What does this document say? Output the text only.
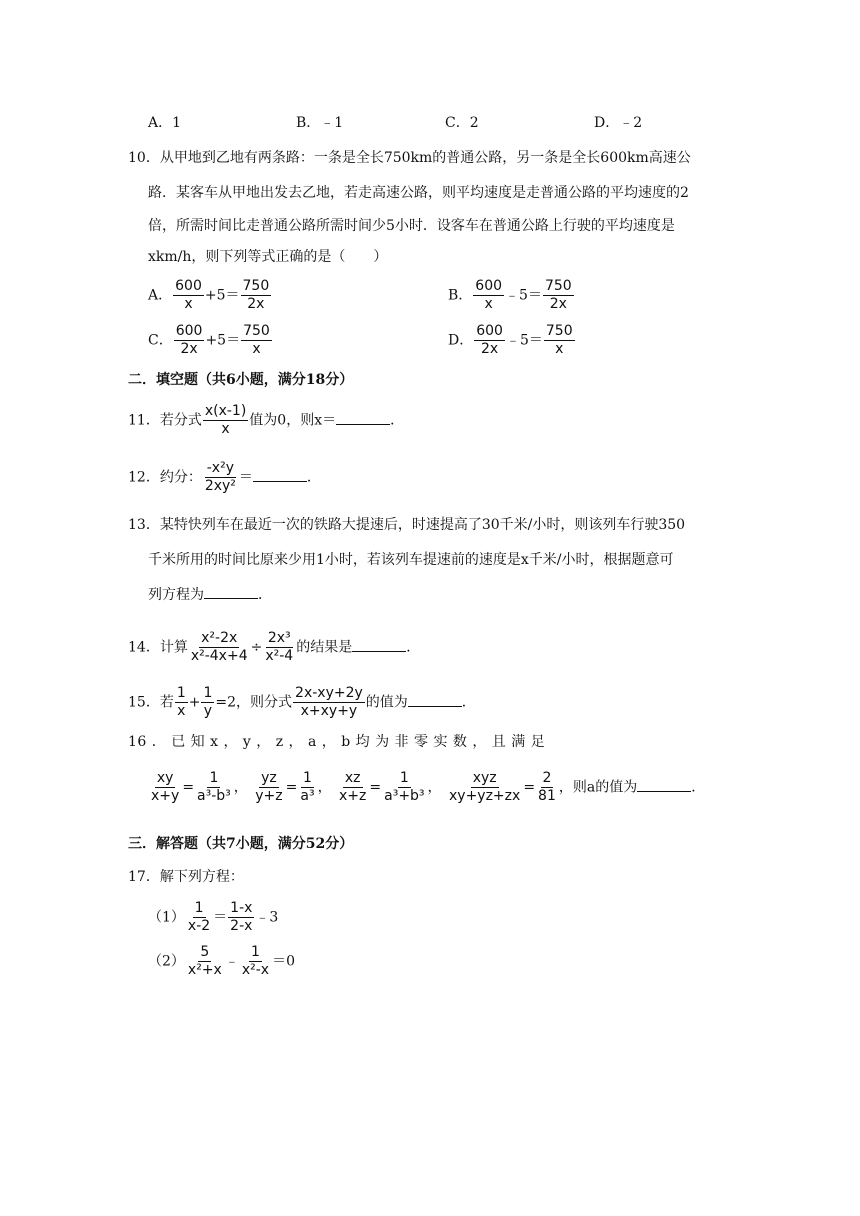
A．1	B．﹣1	C．2	D．﹣2
10．从甲地到乙地有两条路：一条是全长750km的普通公路，另一条是全长600km高速公
路．某客车从甲地出发去乙地，若走高速公路，则平均速度是走普通公路的平均速度的2
倍，所需时间比走普通公路所需时间少5小时．设客车在普通公路上行驶的平均速度是
xkm/h，则下列等式正确的是（　　）
A． $\frac{600}{x} +5= \frac{750}{2x}$	B． $\frac{600}{x}$ ﹣5＝ $\frac{750}{2x}$
C． $\frac{600}{2x} +5= \frac{750}{x}$	D． $\frac{600}{2x}$ ﹣5＝ $\frac{750}{x}$
二．填空题（共6小题，满分18分）
11．若分式 $\frac{x(x-1)}{x}$ 值为0，则x＝	．
12．约分： $\frac{\text{-x²y}}{\text{2xy²}}$ ＝	．
13．某特快列车在最近一次的铁路大提速后，时速提高了30千米/小时，则该列车行驶350
千米所用的时间比原来少用1小时，若该列车提速前的速度是x千米/小时，根据题意可
列方程为	．
14．计算 $\frac{\text{x²-2x}}{\text{x²-4x+4}} \div \frac{\text{2x³}}{\text{x²-4}}$ 的结果是	．
15．若 $\frac{1}{x} + \frac{1}{y} =2$，则分式 $\frac{2x-xy+2y}{x+xy+y}$ 的值为	．
16 ． 已 知 x ， y ， z ， a ， b 均 为 非 零 实 数 ， 且 满 足
$\frac{xy}{x+y} = \frac{1}{\text{a³-b³}}$ ， $\frac{yz}{y+z} = \frac{1}{\text{a³}}$ ， $\frac{xz}{x+z} = \frac{1}{\text{a³+b³}}$ ， $\frac{\text{xyz}}{xy+yz+zx} = \frac{2}{81}$ ，则a的值为	．
三．解答题（共7小题，满分52分）
17．解下列方程：
$(1) \frac{1}{x-2} = \frac{1-x}{2-x}$ ﹣3
$(2) \frac{5}{\text{x²+x}}$ ﹣ $\frac{1}{\text{x²-x}} =0$
